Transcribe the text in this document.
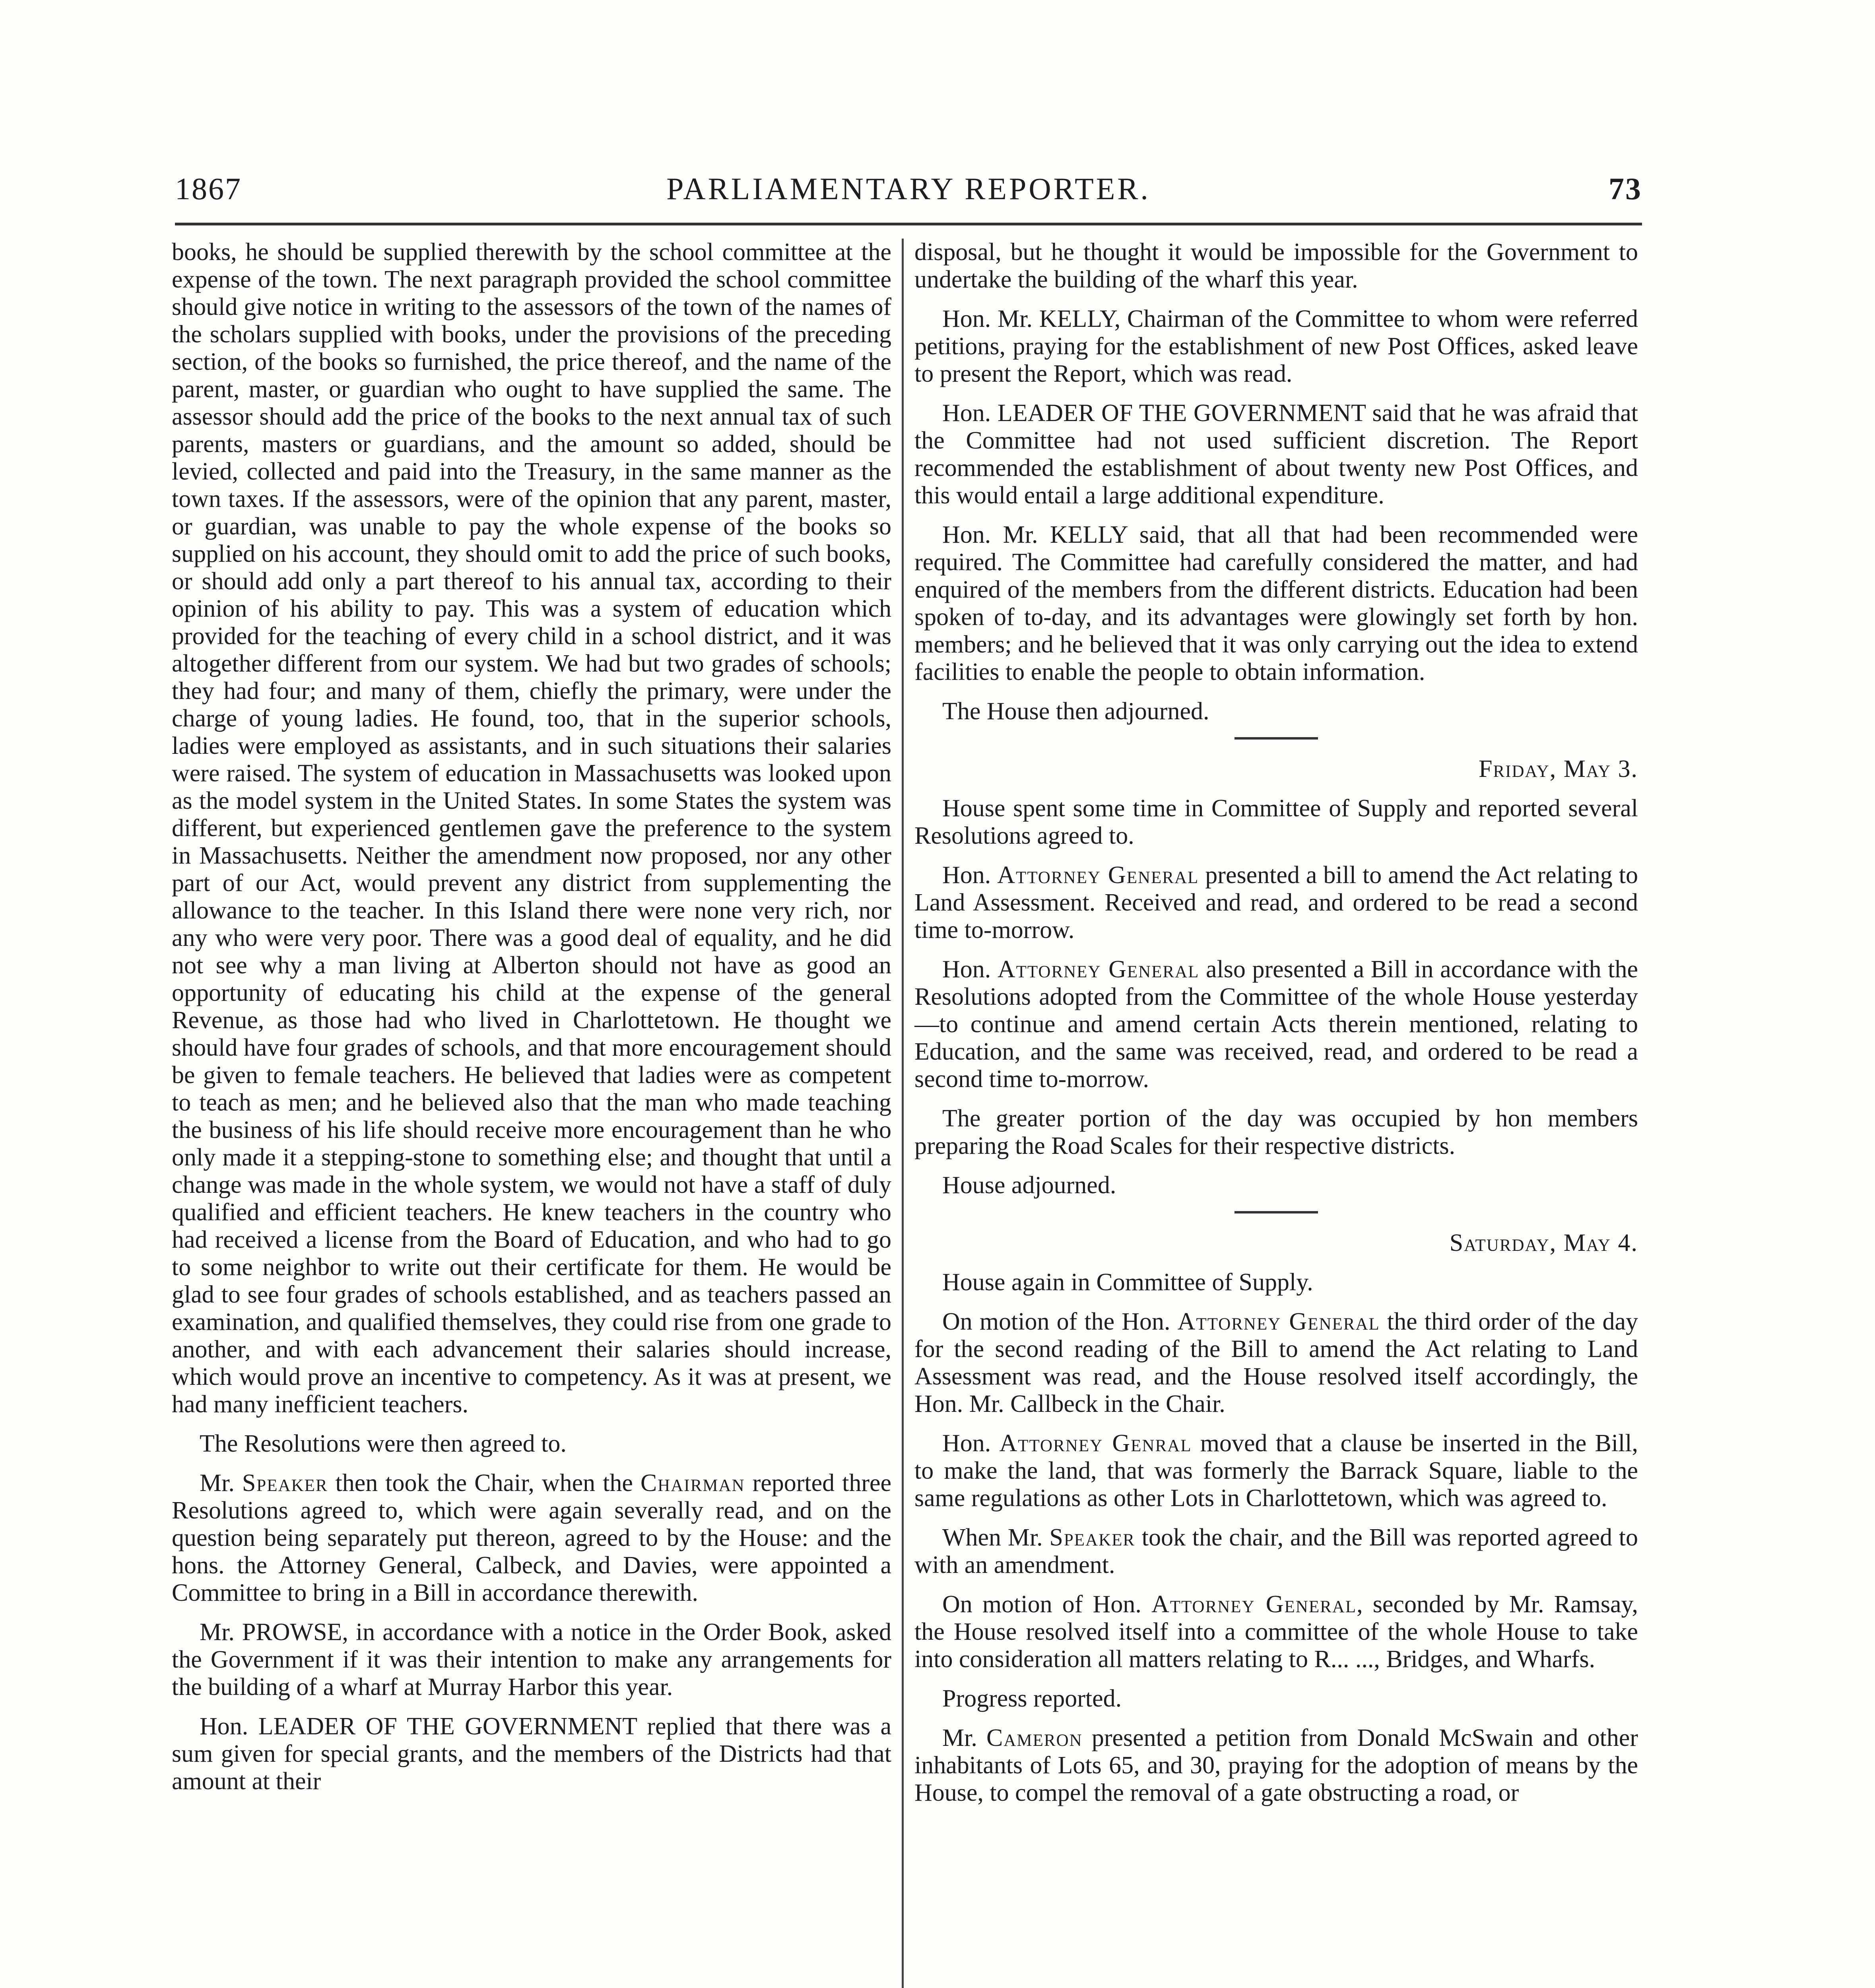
1867	PARLIAMENTARY REPORTER.	73

books, he should be supplied therewith by the school committee at the expense of the town. The next paragraph provided the school committee should give notice in writing to the assessors of the town of the names of the scholars supplied with books, under the provisions of the preceding section, of the books so furnished, the price thereof, and the name of the parent, master, or guardian who ought to have supplied the same. The assessor should add the price of the books to the next annual tax of such parents, masters or guardians, and the amount so added, should be levied, collected and paid into the Treasury, in the same manner as the town taxes. If the assessors, were of the opinion that any parent, master, or guardian, was unable to pay the whole expense of the books so supplied on his account, they should omit to add the price of such books, or should add only a part thereof to his annual tax, according to their opinion of his ability to pay. This was a system of education which provided for the teaching of every child in a school district, and it was altogether different from our system. We had but two grades of schools; they had four; and many of them, chiefly the primary, were under the charge of young ladies. He found, too, that in the superior schools, ladies were employed as assistants, and in such situations their salaries were raised. The system of education in Massachusetts was looked upon as the model system in the United States. In some States the system was different, but experienced gentlemen gave the preference to the system in Massachusetts. Neither the amendment now proposed, nor any other part of our Act, would prevent any district from supplementing the allowance to the teacher. In this Island there were none very rich, nor any who were very poor. There was a good deal of equality, and he did not see why a man living at Alberton should not have as good an opportunity of educating his child at the expense of the general Revenue, as those had who lived in Charlottetown. He thought we should have four grades of schools, and that more encouragement should be given to female teachers. He believed that ladies were as competent to teach as men; and he believed also that the man who made teaching the business of his life should receive more encouragement than he who only made it a stepping-stone to something else; and thought that until a change was made in the whole system, we would not have a staff of duly qualified and efficient teachers. He knew teachers in the country who had received a license from the Board of Education, and who had to go to some neighbor to write out their certificate for them. He would be glad to see four grades of schools established, and as teachers passed an examination, and qualified themselves, they could rise from one grade to another, and with each advancement their salaries should increase, which would prove an incentive to competency. As it was at present, we had many inefficient teachers.

The Resolutions were then agreed to.

Mr. Speaker then took the Chair, when the Chairman reported three Resolutions agreed to, which were again severally read, and on the question being separately put thereon, agreed to by the House: and the hons. the Attorney General, Calbeck, and Davies, were appointed a Committee to bring in a Bill in accordance therewith.

Mr. PROWSE, in accordance with a notice in the Order Book, asked the Government if it was their intention to make any arrangements for the building of a wharf at Murray Harbor this year.

Hon. LEADER OF THE GOVERNMENT replied that there was a sum given for special grants, and the members of the Districts had that amount at their

disposal, but he thought it would be impossible for the Government to undertake the building of the wharf this year.

Hon. Mr. KELLY, Chairman of the Committee to whom were referred petitions, praying for the establishment of new Post Offices, asked leave to present the Report, which was read.

Hon. LEADER OF THE GOVERNMENT said that he was afraid that the Committee had not used sufficient discretion. The Report recommended the establishment of about twenty new Post Offices, and this would entail a large additional expenditure.

Hon. Mr. KELLY said, that all that had been recommended were required. The Committee had carefully considered the matter, and had enquired of the members from the different districts. Education had been spoken of to-day, and its advantages were glowingly set forth by hon. members; and he believed that it was only carrying out the idea to extend facilities to enable the people to obtain information.

The House then adjourned.

Friday, May 3.

House spent some time in Committee of Supply and reported several Resolutions agreed to.

Hon. Attorney General presented a bill to amend the Act relating to Land Assessment. Received and read, and ordered to be read a second time to-morrow.

Hon. Attorney General also presented a Bill in accordance with the Resolutions adopted from the Committee of the whole House yesterday—to continue and amend certain Acts therein mentioned, relating to Education, and the same was received, read, and ordered to be read a second time to-morrow.

The greater portion of the day was occupied by hon members preparing the Road Scales for their respective districts.

House adjourned.

Saturday, May 4.

House again in Committee of Supply.

On motion of the Hon. Attorney General the third order of the day for the second reading of the Bill to amend the Act relating to Land Assessment was read, and the House resolved itself accordingly, the Hon. Mr. Callbeck in the Chair.

Hon. Attorney Genral moved that a clause be inserted in the Bill, to make the land, that was formerly the Barrack Square, liable to the same regulations as other Lots in Charlottetown, which was agreed to.

When Mr. Speaker took the chair, and the Bill was reported agreed to with an amendment.

On motion of Hon. Attorney General, seconded by Mr. Ramsay, the House resolved itself into a committee of the whole House to take into consideration all matters relating to R... ..., Bridges, and Wharfs.

Progress reported.

Mr. Cameron presented a petition from Donald McSwain and other inhabitants of Lots 65, and 30, praying for the adoption of means by the House, to compel the removal of a gate obstructing a road, or
